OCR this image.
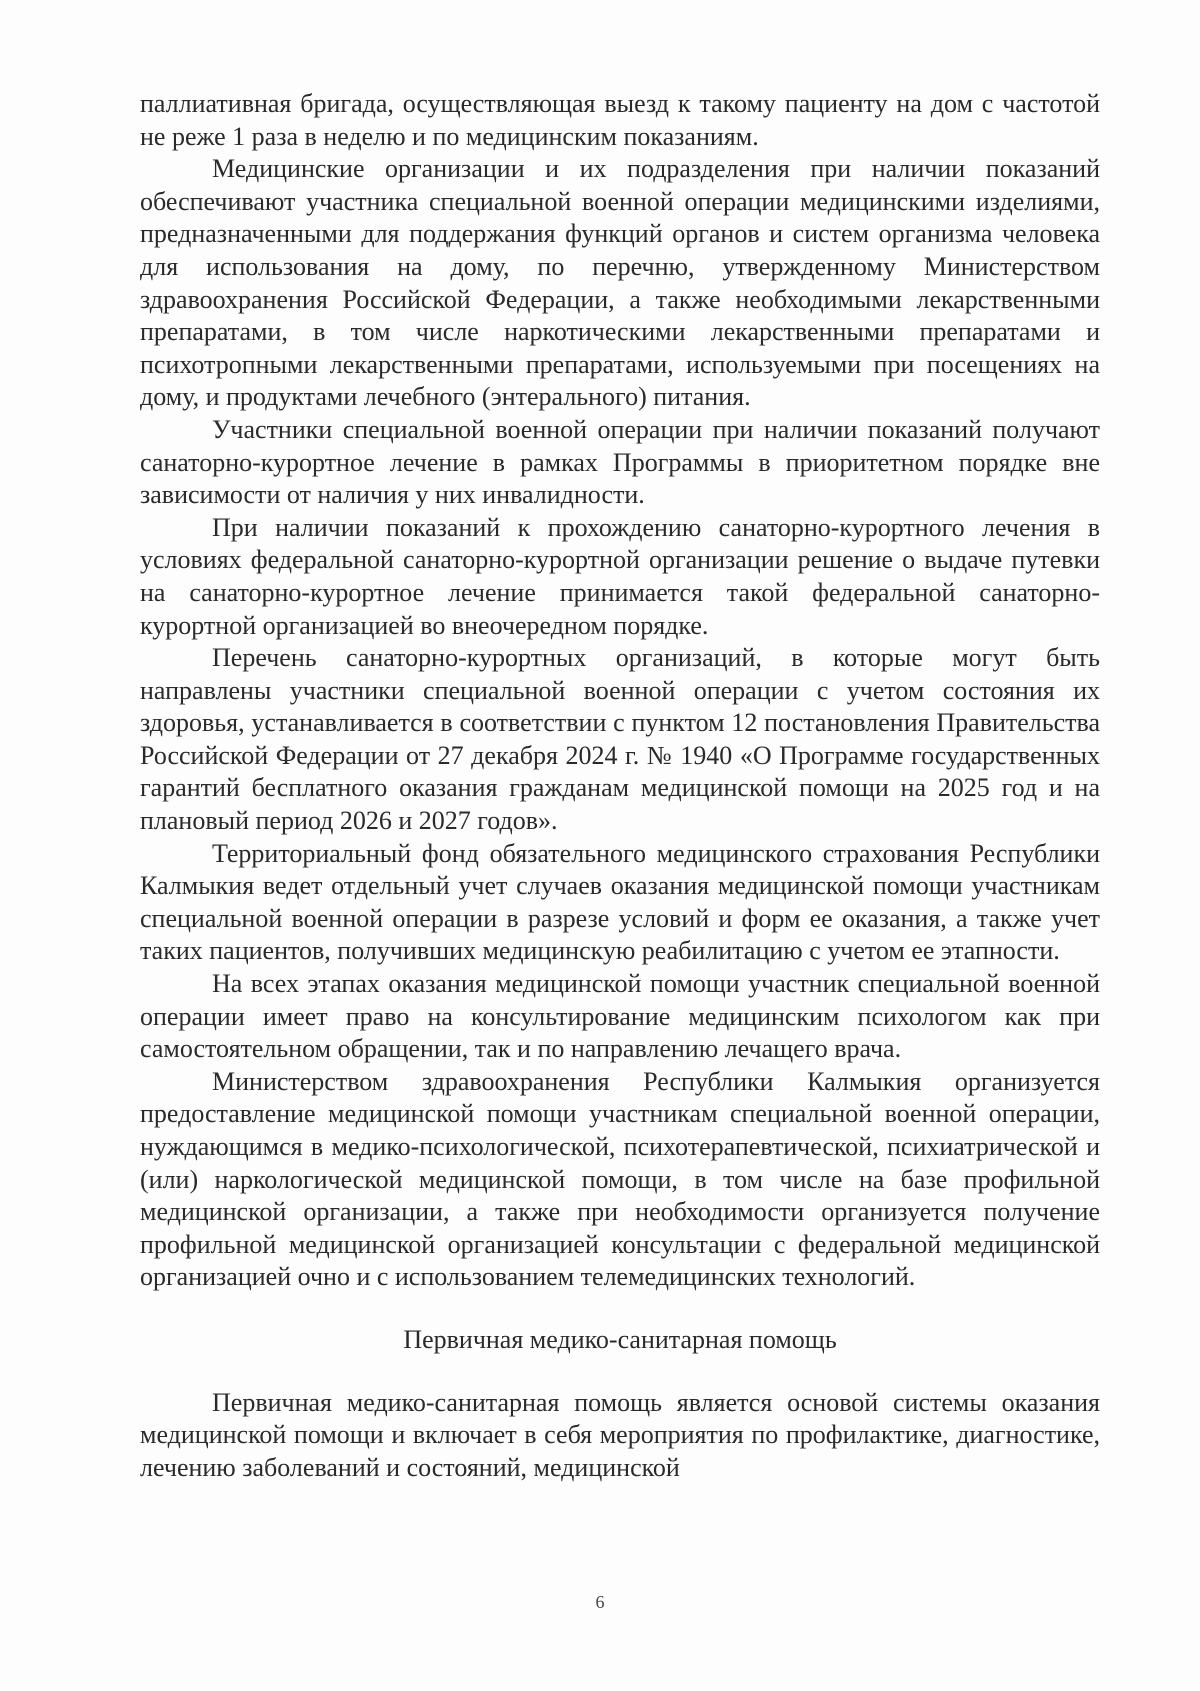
паллиативная бригада, осуществляющая выезд к такому пациенту на дом с частотой не реже 1 раза в неделю и по медицинским показаниям.

Медицинские организации и их подразделения при наличии показаний обеспечивают участника специальной военной операции медицинскими изделиями, предназначенными для поддержания функций органов и систем организма человека для использования на дому, по перечню, утвержденному Министерством здравоохранения Российской Федерации, а также необходимыми лекарственными препаратами, в том числе наркотическими лекарственными препаратами и психотропными лекарственными препаратами, используемыми при посещениях на дому, и продуктами лечебного (энтерального) питания.

Участники специальной военной операции при наличии показаний получают санаторно-курортное лечение в рамках Программы в приоритетном порядке вне зависимости от наличия у них инвалидности.

При наличии показаний к прохождению санаторно-курортного лечения в условиях федеральной санаторно-курортной организации решение о выдаче путевки на санаторно-курортное лечение принимается такой федеральной санаторно-курортной организацией во внеочередном порядке.

Перечень санаторно-курортных организаций, в которые могут быть направлены участники специальной военной операции с учетом состояния их здоровья, устанавливается в соответствии с пунктом 12 постановления Правительства Российской Федерации от 27 декабря 2024 г. № 1940 «О Программе государственных гарантий бесплатного оказания гражданам медицинской помощи на 2025 год и на плановый период 2026 и 2027 годов».

Территориальный фонд обязательного медицинского страхования Республики Калмыкия ведет отдельный учет случаев оказания медицинской помощи участникам специальной военной операции в разрезе условий и форм ее оказания, а также учет таких пациентов, получивших медицинскую реабилитацию с учетом ее этапности.

На всех этапах оказания медицинской помощи участник специальной военной операции имеет право на консультирование медицинским психологом как при самостоятельном обращении, так и по направлению лечащего врача.

Министерством здравоохранения Республики Калмыкия организуется предоставление медицинской помощи участникам специальной военной операции, нуждающимся в медико-психологической, психотерапевтической, психиатрической и (или) наркологической медицинской помощи, в том числе на базе профильной медицинской организации, а также при необходимости организуется получение профильной медицинской организацией консультации с федеральной медицинской организацией очно и с использованием телемедицинских технологий.

Первичная медико-санитарная помощь

Первичная медико-санитарная помощь является основой системы оказания медицинской помощи и включает в себя мероприятия по профилактике, диагностике, лечению заболеваний и состояний, медицинской

6
